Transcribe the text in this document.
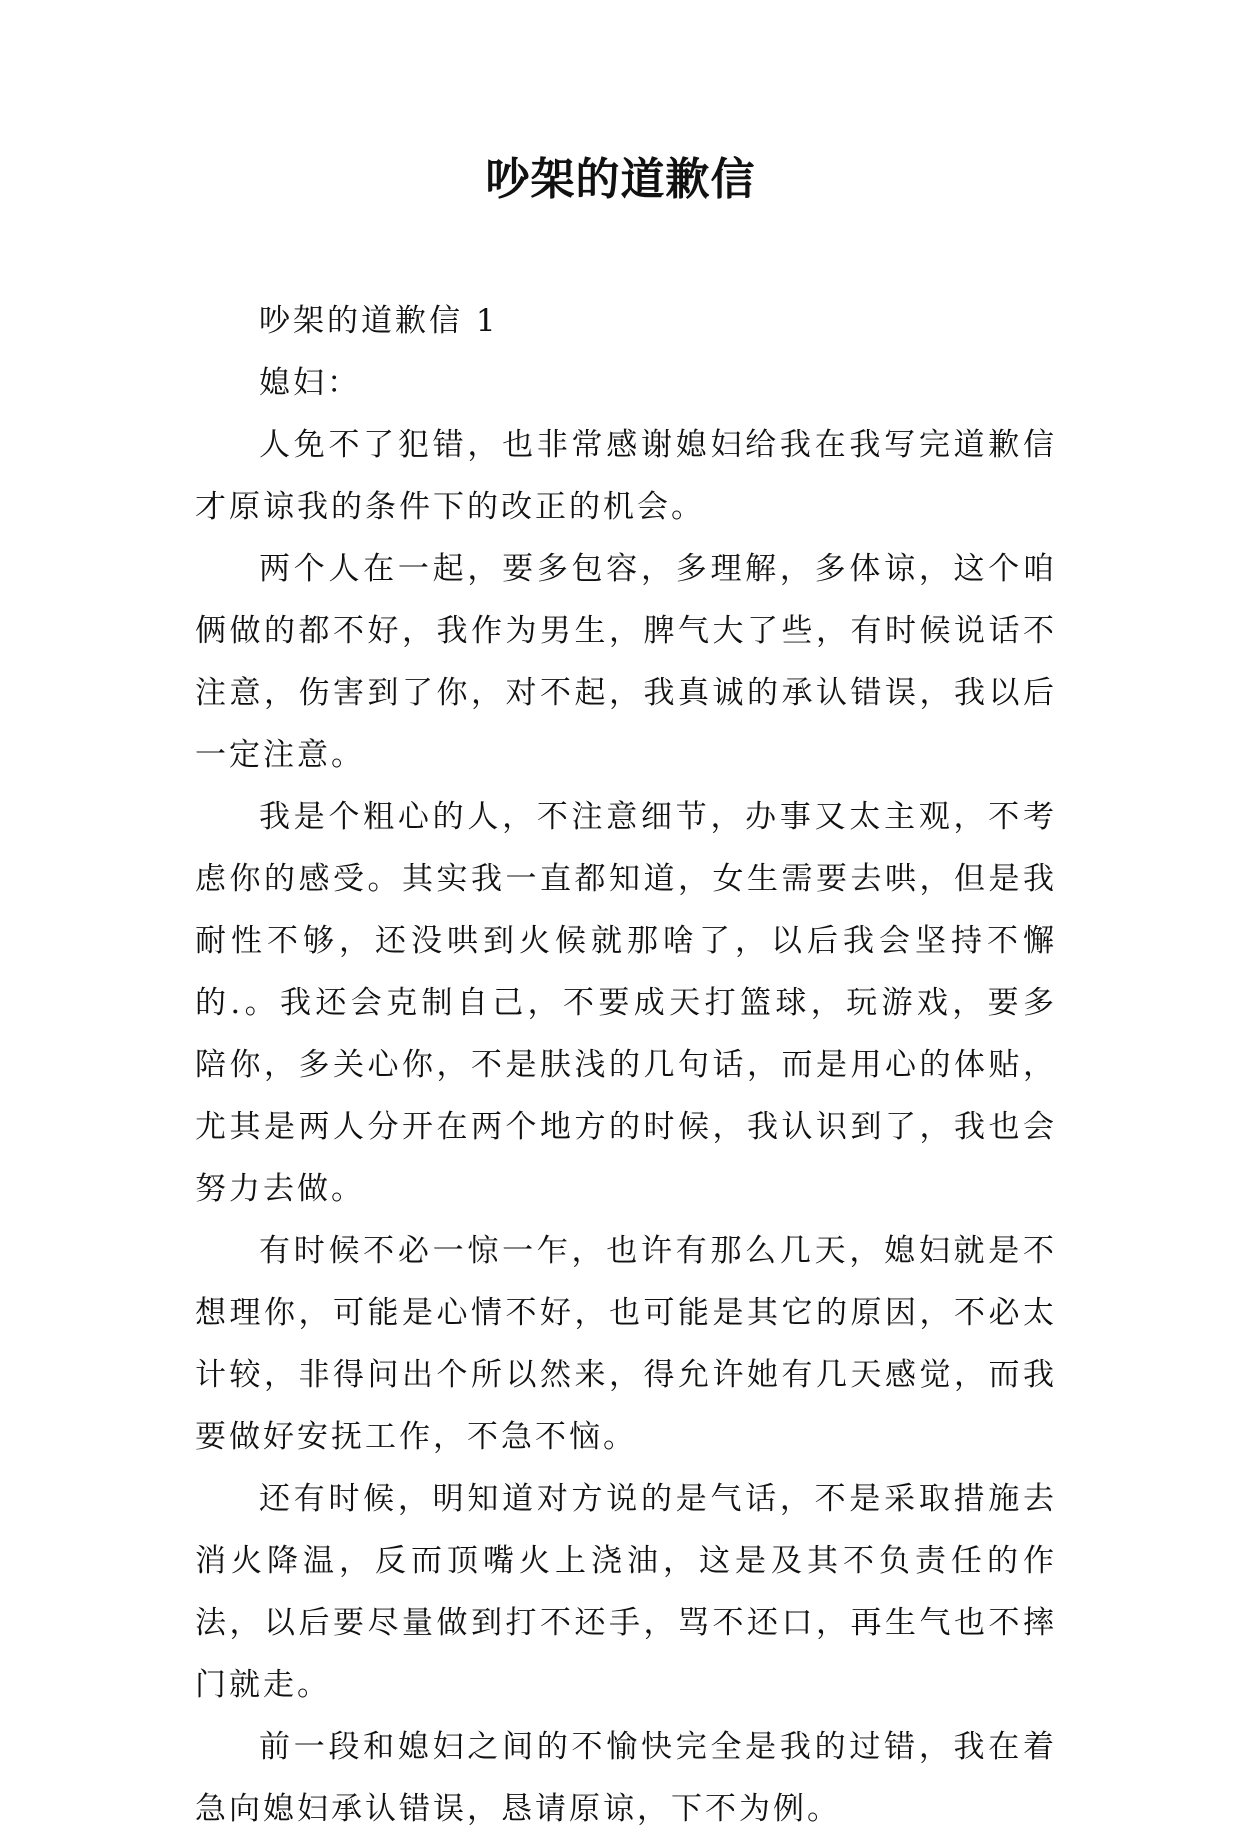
吵架的道歉信

吵架的道歉信 1

媳妇：

人免不了犯错，也非常感谢媳妇给我在我写完道歉信才原谅我的条件下的改正的机会。

两个人在一起，要多包容，多理解，多体谅，这个咱俩做的都不好，我作为男生，脾气大了些，有时候说话不注意，伤害到了你，对不起，我真诚的承认错误，我以后一定注意。

我是个粗心的人，不注意细节，办事又太主观，不考虑你的感受。其实我一直都知道，女生需要去哄，但是我耐性不够，还没哄到火候就那啥了，以后我会坚持不懈的.。我还会克制自己，不要成天打篮球，玩游戏，要多陪你，多关心你，不是肤浅的几句话，而是用心的体贴，尤其是两人分开在两个地方的时候，我认识到了，我也会努力去做。

有时候不必一惊一乍，也许有那么几天，媳妇就是不想理你，可能是心情不好，也可能是其它的原因，不必太计较，非得问出个所以然来，得允许她有几天感觉，而我要做好安抚工作，不急不恼。

还有时候，明知道对方说的是气话，不是采取措施去消火降温，反而顶嘴火上浇油，这是及其不负责任的作法，以后要尽量做到打不还手，骂不还口，再生气也不摔门就走。

前一段和媳妇之间的不愉快完全是我的过错，我在着急向媳妇承认错误，恳请原谅，下不为例。
